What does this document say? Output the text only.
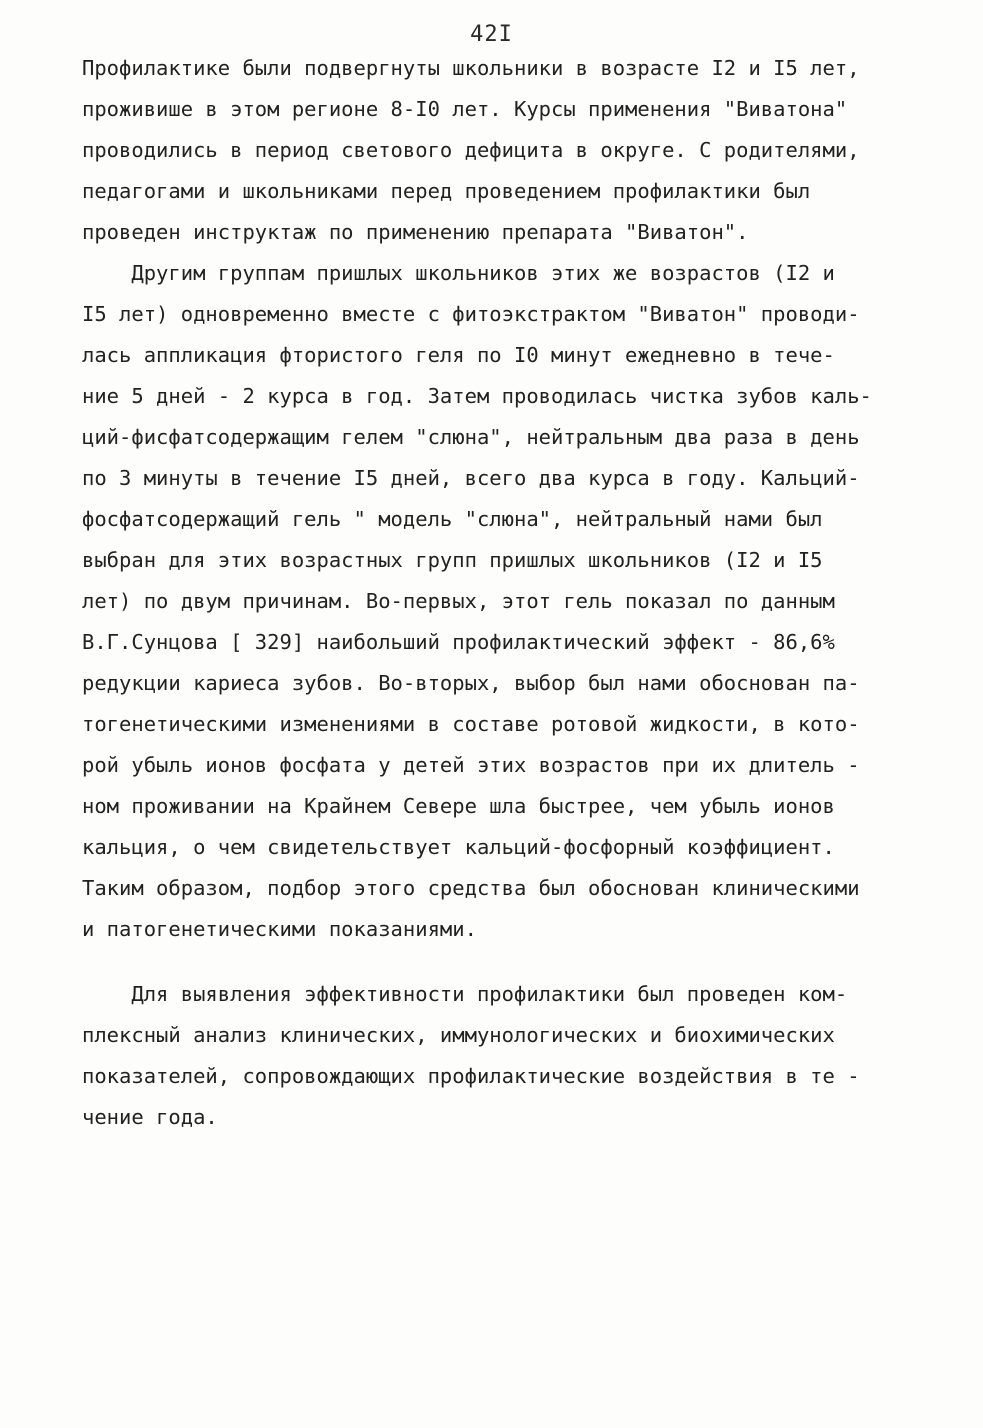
42I
Профилактике были подвергнуты школьники в возрасте I2 и I5 лет,
проживише в этом регионе 8-I0 лет. Курсы применения "Виватона"
проводились в период светового дефицита в округе. С родителями,
педагогами и школьниками перед проведением профилактики был
проведен инструктаж по применению препарата "Виватон".
Другим группам пришлых школьников этих же возрастов (I2 и
I5 лет) одновременно вместе с фитоэкстрактом "Виватон" проводи-
лась аппликация фтористого геля по I0 минут ежедневно в тече-
ние 5 дней - 2 курса в год. Затем проводилась чистка зубов каль-
ций-фисфатсодержащим гелем "слюна", нейтральным два раза в день
по 3 минуты в течение I5 дней, всего два курса в году. Кальций-
фосфатсодержащий гель " модель "слюна", нейтральный нами был
выбран для этих возрастных групп пришлых школьников (I2 и I5
лет) по двум причинам. Во-первых, этот гель показал по данным
В.Г.Сунцова [ 329] наибольший профилактический эффект - 86,6%
редукции кариеса зубов. Во-вторых, выбор был нами обоснован па-
тогенетическими изменениями в составе ротовой жидкости, в кото-
рой убыль ионов фосфата у детей этих возрастов при их длитель -
ном проживании на Крайнем Севере шла быстрее, чем убыль ионов
кальция, о чем свидетельствует кальций-фосфорный коэффициент.
Таким образом, подбор этого средства был обоснован клиническими
и патогенетическими показаниями.
Для выявления эффективности профилактики был проведен ком-
плексный анализ клинических, иммунологических и биохимических
показателей, сопровождающих профилактические воздействия в те -
чение года.
